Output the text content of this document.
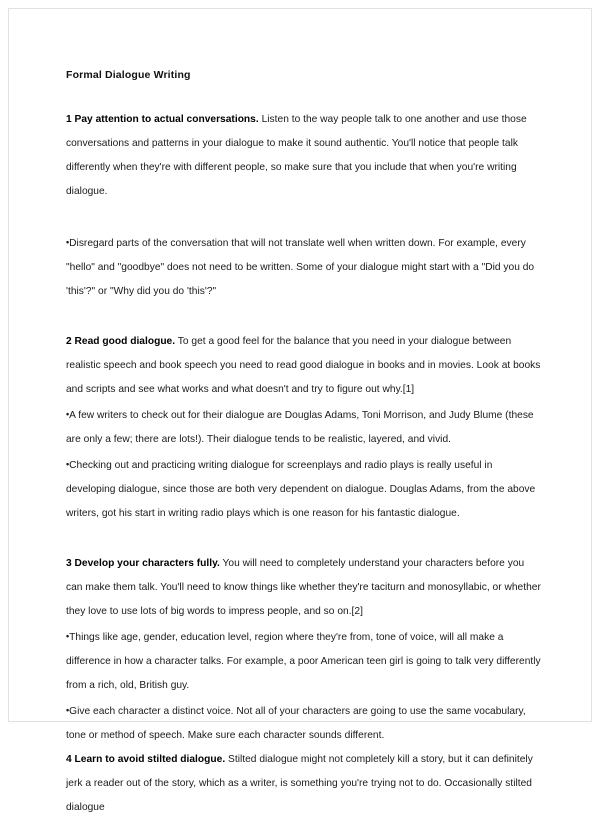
Formal Dialogue Writing

1 Pay attention to actual conversations. Listen to the way people talk to one another and use those conversations and patterns in your dialogue to make it sound authentic. You'll notice that people talk differently when they're with different people, so make sure that you include that when you're writing dialogue.

•Disregard parts of the conversation that will not translate well when written down. For example, every "hello" and "goodbye" does not need to be written. Some of your dialogue might start with a "Did you do 'this'?" or "Why did you do 'this'?"

2 Read good dialogue. To get a good feel for the balance that you need in your dialogue between realistic speech and book speech you need to read good dialogue in books and in movies. Look at books and scripts and see what works and what doesn't and try to figure out why.[1]

•A few writers to check out for their dialogue are Douglas Adams, Toni Morrison, and Judy Blume (these are only a few; there are lots!). Their dialogue tends to be realistic, layered, and vivid.

•Checking out and practicing writing dialogue for screenplays and radio plays is really useful in developing dialogue, since those are both very dependent on dialogue. Douglas Adams, from the above writers, got his start in writing radio plays which is one reason for his fantastic dialogue.

3 Develop your characters fully. You will need to completely understand your characters before you can make them talk. You'll need to know things like whether they're taciturn and monosyllabic, or whether they love to use lots of big words to impress people, and so on.[2]

•Things like age, gender, education level, region where they're from, tone of voice, will all make a difference in how a character talks. For example, a poor American teen girl is going to talk very differently from a rich, old, British guy.

•Give each character a distinct voice. Not all of your characters are going to use the same vocabulary, tone or method of speech. Make sure each character sounds different.

4 Learn to avoid stilted dialogue. Stilted dialogue might not completely kill a story, but it can definitely jerk a reader out of the story, which as a writer, is something you're trying not to do. Occasionally stilted dialogue
